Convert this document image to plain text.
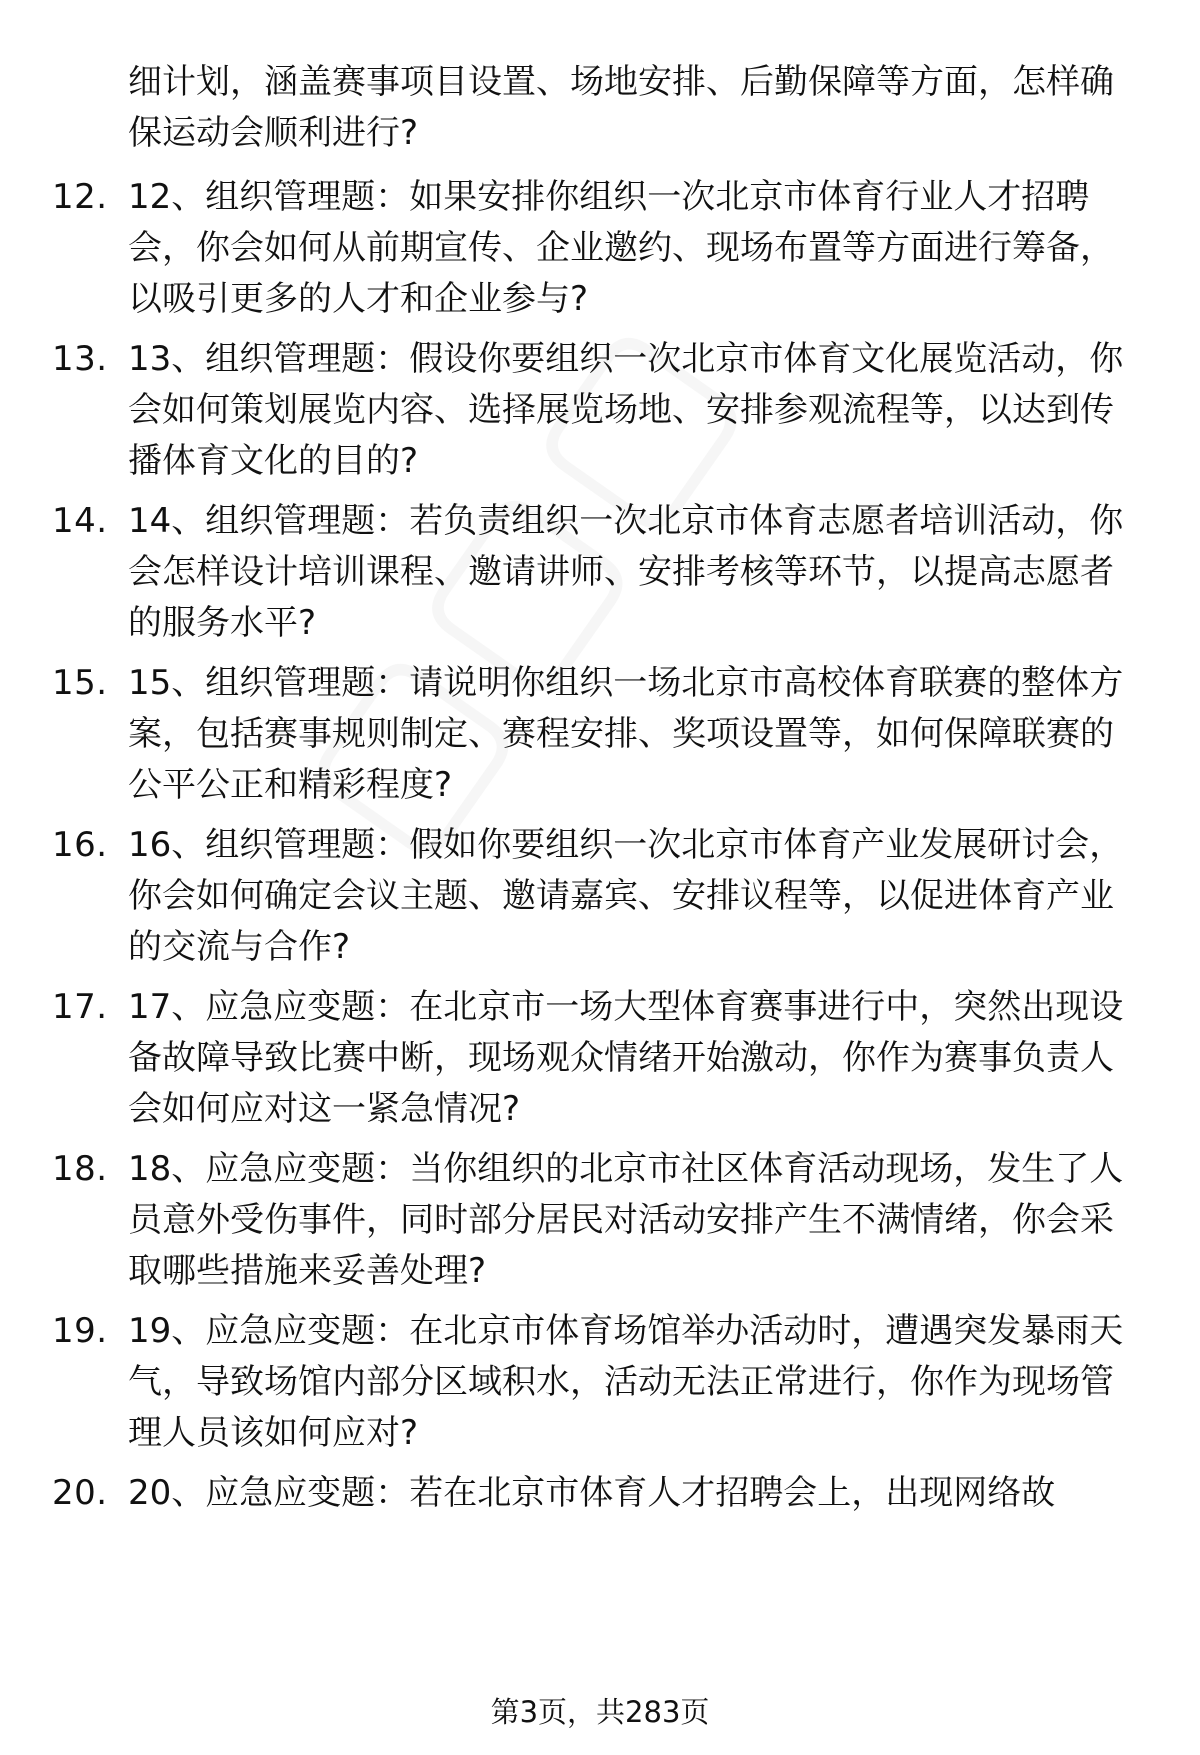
细计划，涵盖赛事项目设置、场地安排、后勤保障等方面，怎样确保运动会顺利进行?

12. 12、组织管理题：如果安排你组织一次北京市体育行业人才招聘会，你会如何从前期宣传、企业邀约、现场布置等方面进行筹备，以吸引更多的人才和企业参与?

13. 13、组织管理题：假设你要组织一次北京市体育文化展览活动，你会如何策划展览内容、选择展览场地、安排参观流程等，以达到传播体育文化的目的?

14. 14、组织管理题：若负责组织一次北京市体育志愿者培训活动，你会怎样设计培训课程、邀请讲师、安排考核等环节，以提高志愿者的服务水平?

15. 15、组织管理题：请说明你组织一场北京市高校体育联赛的整体方案，包括赛事规则制定、赛程安排、奖项设置等，如何保障联赛的公平公正和精彩程度?

16. 16、组织管理题：假如你要组织一次北京市体育产业发展研讨会，你会如何确定会议主题、邀请嘉宾、安排议程等，以促进体育产业的交流与合作?

17. 17、应急应变题：在北京市一场大型体育赛事进行中，突然出现设备故障导致比赛中断，现场观众情绪开始激动，你作为赛事负责人会如何应对这一紧急情况?

18. 18、应急应变题：当你组织的北京市社区体育活动现场，发生了人员意外受伤事件，同时部分居民对活动安排产生不满情绪，你会采取哪些措施来妥善处理?

19. 19、应急应变题：在北京市体育场馆举办活动时，遭遇突发暴雨天气，导致场馆内部分区域积水，活动无法正常进行，你作为现场管理人员该如何应对?

20. 20、应急应变题：若在北京市体育人才招聘会上，出现网络故

第3页，共283页
